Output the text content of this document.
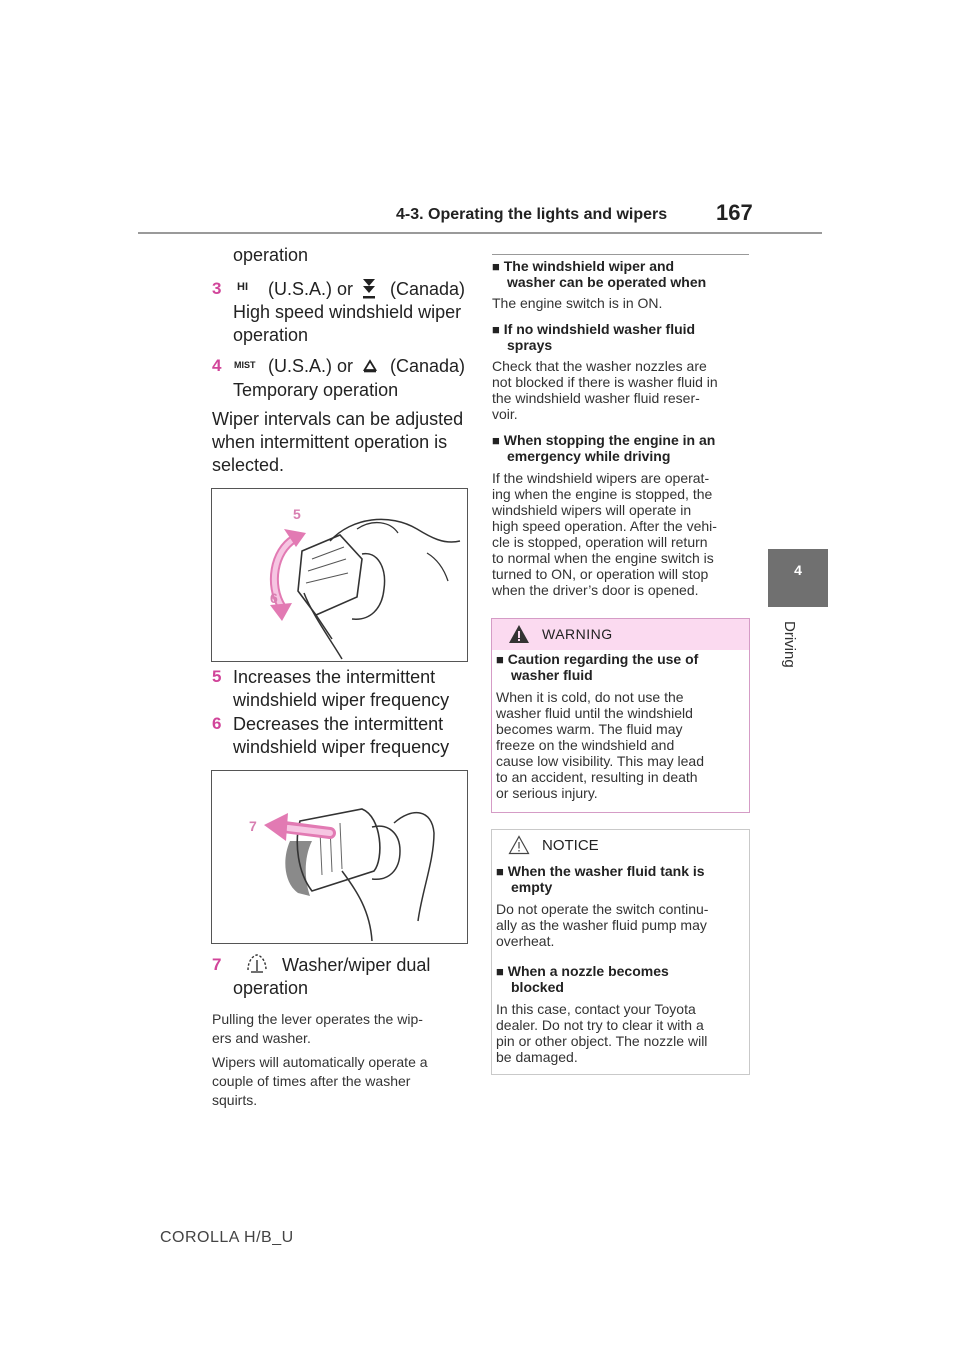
4-3. Operating the lights and wipers 167
4
Driving
operation
3 HI (U.S.A.) or (Canada)
High speed windshield wiper
operation
4 MIST (U.S.A.) or (Canada)
Temporary operation
Wiper intervals can be adjusted
when intermittent operation is
selected.
5
6
5 Increases the intermittent
windshield wiper frequency
6 Decreases the intermittent
windshield wiper frequency
7
7	Washer/wiper dual
operation
Pulling the lever operates the wip-
ers and washer.
Wipers will automatically operate a
couple of times after the washer
squirts.
■ The windshield wiper and
washer can be operated when
The engine switch is in ON.
■ If no windshield washer fluid
sprays
Check that the washer nozzles are
not blocked if there is washer fluid in
the windshield washer fluid reser-
voir.
■ When stopping the engine in an
emergency while driving
If the windshield wipers are operat-
ing when the engine is stopped, the
windshield wipers will operate in
high speed operation. After the vehi-
cle is stopped, operation will return
to normal when the engine switch is
turned to ON, or operation will stop
when the driver’s door is opened.
WARNING
■ Caution regarding the use of
washer fluid
When it is cold, do not use the
washer fluid until the windshield
becomes warm. The fluid may
freeze on the windshield and
cause low visibility. This may lead
to an accident, resulting in death
or serious injury.
NOTICE
■ When the washer fluid tank is
empty
Do not operate the switch continu-
ally as the washer fluid pump may
overheat.
■ When a nozzle becomes
blocked
In this case, contact your Toyota
dealer. Do not try to clear it with a
pin or other object. The nozzle will
be damaged.
COROLLA H/B_U
